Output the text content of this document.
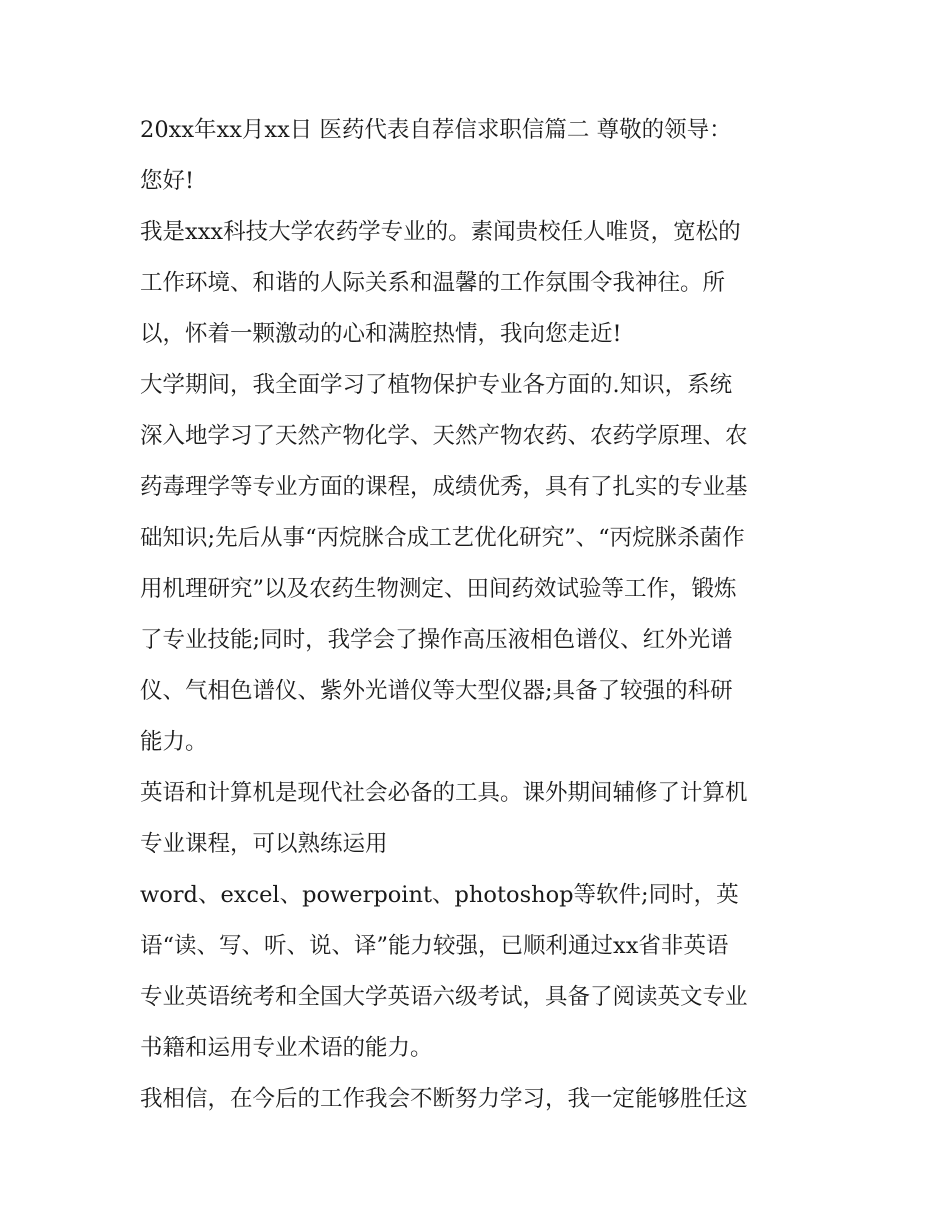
20xx年xx月xx日 医药代表自荐信求职信篇二 尊敬的领导：
您好!
我是xxx科技大学农药学专业的。素闻贵校任人唯贤，宽松的
工作环境、和谐的人际关系和温馨的工作氛围令我神往。所
以，怀着一颗激动的心和满腔热情，我向您走近!
大学期间，我全面学习了植物保护专业各方面的.知识，系统
深入地学习了天然产物化学、天然产物农药、农药学原理、农
药毒理学等专业方面的课程，成绩优秀，具有了扎实的专业基
础知识;先后从事“丙烷脒合成工艺优化研究”、“丙烷脒杀菌作
用机理研究”以及农药生物测定、田间药效试验等工作，锻炼
了专业技能;同时，我学会了操作高压液相色谱仪、红外光谱
仪、气相色谱仪、紫外光谱仪等大型仪器;具备了较强的科研
能力。
英语和计算机是现代社会必备的工具。课外期间辅修了计算机
专业课程，可以熟练运用
word、excel、powerpoint、photoshop等软件;同时，英
语“读、写、听、说、译”能力较强，已顺利通过xx省非英语
专业英语统考和全国大学英语六级考试，具备了阅读英文专业
书籍和运用专业术语的能力。
我相信，在今后的工作我会不断努力学习，我一定能够胜任这
